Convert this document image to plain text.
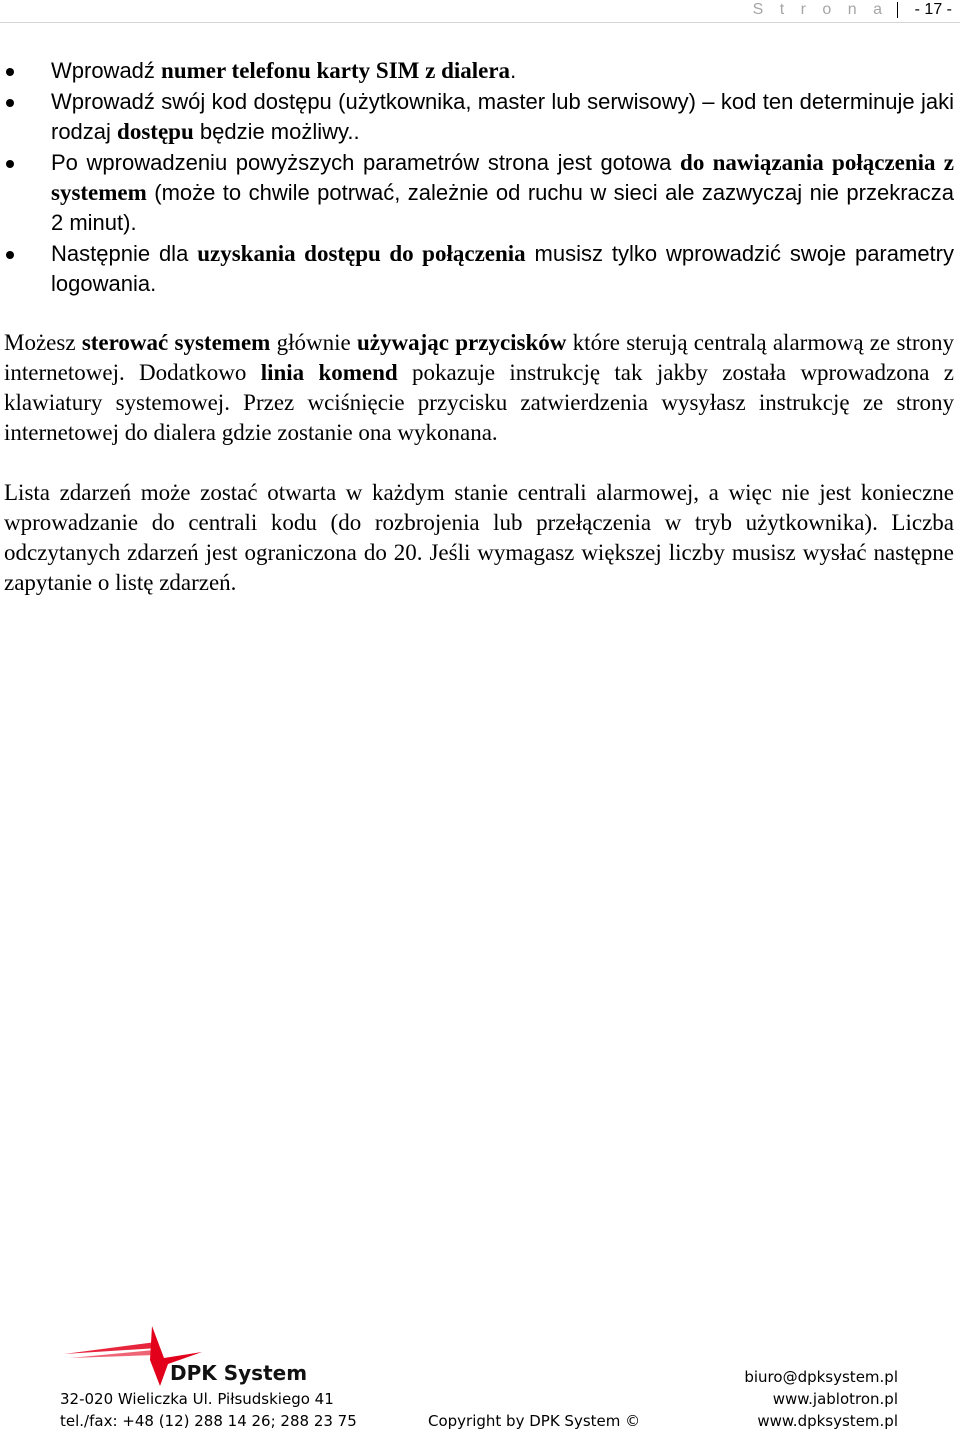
S t r o n a - 17 -
Wprowadź numer telefonu karty SIM z dialera.
Wprowadź swój kod dostępu (użytkownika, master lub serwisowy) – kod ten determinuje jaki rodzaj dostępu będzie możliwy..
Po wprowadzeniu powyższych parametrów strona jest gotowa do nawiązania połączenia z systemem (może to chwile potrwać, zależnie od ruchu w sieci ale zazwyczaj nie przekracza 2 minut).
Następnie dla uzyskania dostępu do połączenia musisz tylko wprowadzić swoje parametry logowania.

Możesz sterować systemem głównie używając przycisków które sterują centralą alarmową ze strony internetowej. Dodatkowo linia komend pokazuje instrukcję tak jakby została wprowadzona z klawiatury systemowej. Przez wciśnięcie przycisku zatwierdzenia wysyłasz instrukcję ze strony internetowej do dialera gdzie zostanie ona wykonana.

Lista zdarzeń może zostać otwarta w każdym stanie centrali alarmowej, a więc nie jest konieczne wprowadzanie do centrali kodu (do rozbrojenia lub przełączenia w tryb użytkownika). Liczba odczytanych zdarzeń jest ograniczona do 20. Jeśli wymagasz większej liczby musisz wysłać następne zapytanie o listę zdarzeń.

DPK System
32-020 Wieliczka Ul. Piłsudskiego 41
tel./fax: +48 (12) 288 14 26; 288 23 75	Copyright by DPK System ©
biuro@dpksystem.pl
www.jablotron.pl
www.dpksystem.pl
